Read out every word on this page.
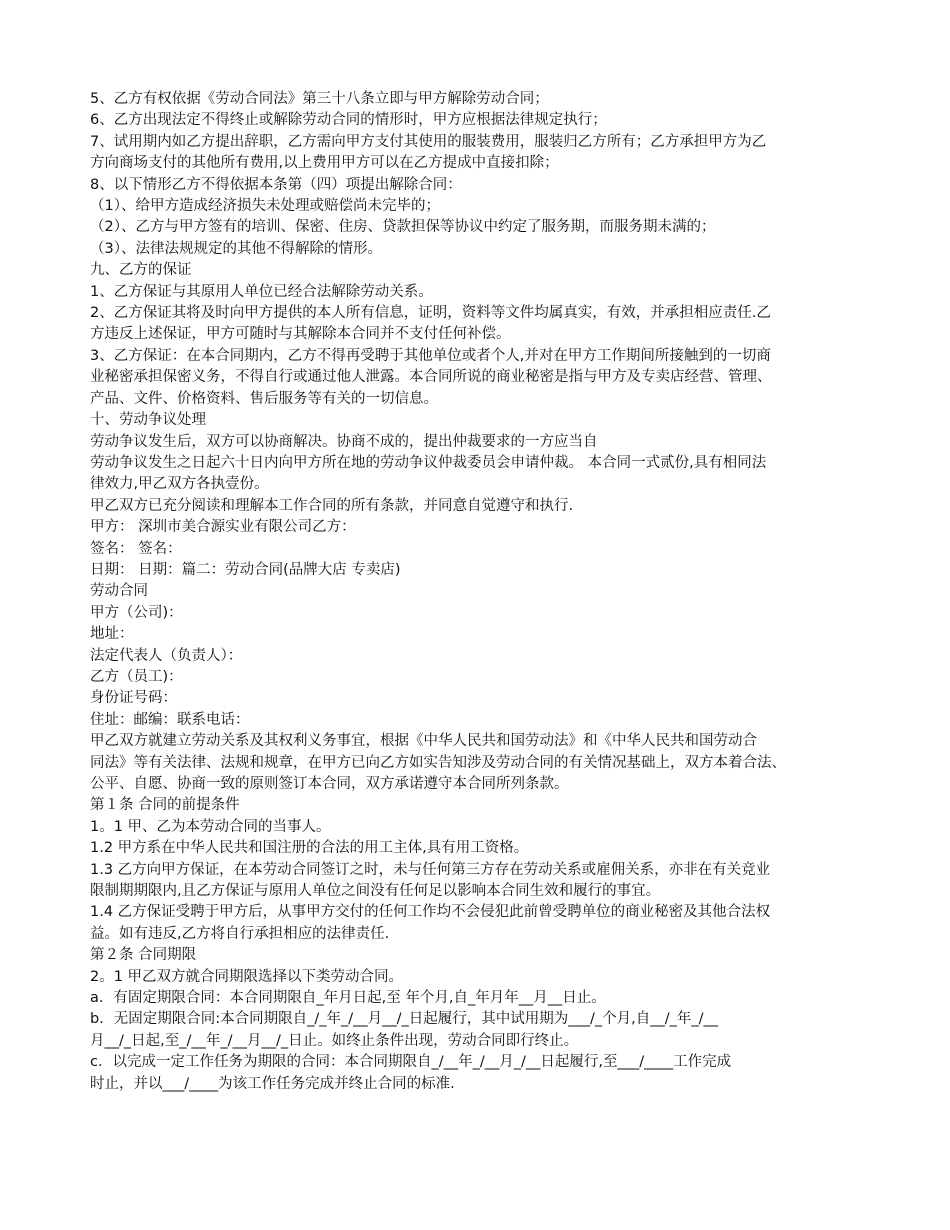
5、乙方有权依据《劳动合同法》第三十八条立即与甲方解除劳动合同；
6、乙方出现法定不得终止或解除劳动合同的情形时，甲方应根据法律规定执行；
7、试用期内如乙方提出辞职，乙方需向甲方支付其使用的服装费用，服装归乙方所有；乙方承担甲方为乙
方向商场支付的其他所有费用,以上费用甲方可以在乙方提成中直接扣除；
8、以下情形乙方不得依据本条第（四）项提出解除合同：
（1）、给甲方造成经济损失未处理或赔偿尚未完毕的；
（2）、乙方与甲方签有的培训、保密、住房、贷款担保等协议中约定了服务期，而服务期未满的；
（3）、法律法规规定的其他不得解除的情形。
九、乙方的保证
1、乙方保证与其原用人单位已经合法解除劳动关系。
2、乙方保证其将及时向甲方提供的本人所有信息，证明，资料等文件均属真实，有效，并承担相应责任.乙
方违反上述保证，甲方可随时与其解除本合同并不支付任何补偿。
3、乙方保证：在本合同期内，乙方不得再受聘于其他单位或者个人,并对在甲方工作期间所接触到的一切商
业秘密承担保密义务，不得自行或通过他人泄露。本合同所说的商业秘密是指与甲方及专卖店经营、管理、
产品、文件、价格资料、售后服务等有关的一切信息。
十、劳动争议处理
劳动争议发生后，双方可以协商解决。协商不成的，提出仲裁要求的一方应当自
劳动争议发生之日起六十日内向甲方所在地的劳动争议仲裁委员会申请仲裁。 本合同一式贰份,具有相同法
律效力,甲乙双方各执壹份。
甲乙双方已充分阅读和理解本工作合同的所有条款，并同意自觉遵守和执行.
甲方： 深圳市美合源实业有限公司乙方：
签名： 签名：
日期： 日期：篇二：劳动合同(品牌大店 专卖店)
劳动合同
甲方（公司)：
地址：
法定代表人（负责人）：
乙方（员工)：
身份证号码：
住址：邮编：联系电话：
甲乙双方就建立劳动关系及其权利义务事宜，根据《中华人民共和国劳动法》和《中华人民共和国劳动合
同法》等有关法律、法规和规章，在甲方已向乙方如实告知涉及劳动合同的有关情况基础上，双方本着合法、
公平、自愿、协商一致的原则签订本合同，双方承诺遵守本合同所列条款。
第１条 合同的前提条件
1。1 甲、乙为本劳动合同的当事人。
1.2 甲方系在中华人民共和国注册的合法的用工主体,具有用工资格。
1.3 乙方向甲方保证，在本劳动合同签订之时，未与任何第三方存在劳动关系或雇佣关系，亦非在有关竞业
限制期期限内,且乙方保证与原用人单位之间没有任何足以影响本合同生效和履行的事宜。
1.4 乙方保证受聘于甲方后，从事甲方交付的任何工作均不会侵犯此前曾受聘单位的商业秘密及其他合法权
益。如有违反,乙方将自行承担相应的法律责任.
第２条 合同期限
2。1 甲乙双方就合同期限选择以下类劳动合同。
a．有固定期限合同：本合同期限自_年月日起,至 年个月,自_年月年__月__日止。
b．无固定期限合同:本合同期限自_/_年_/__月__/_日起履行，其中试用期为___/_个月,自__/_年_/__
月__/_日起,至_/__年_/__月__/_日止。如终止条件出现，劳动合同即行终止。
c．以完成一定工作任务为期限的合同：本合同期限自_/__年_/__月_/__日起履行,至___/____工作完成
时止，并以___/____为该工作任务完成并终止合同的标准.
